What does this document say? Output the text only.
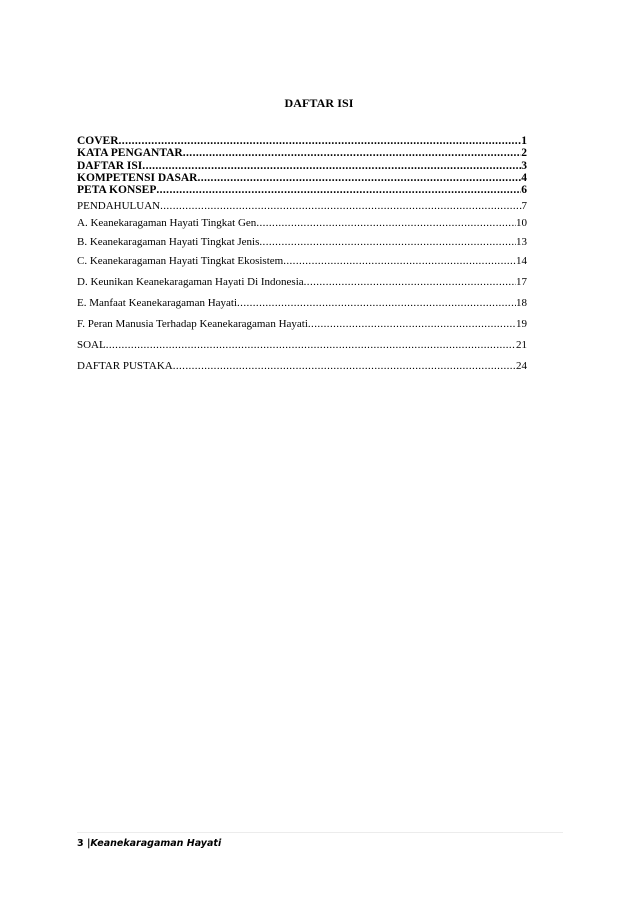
DAFTAR ISI
COVER .....	1
KATA PENGANTAR .....	2
DAFTAR ISI .....	3
KOMPETENSI DASAR .....	4
PETA KONSEP .....	6
PENDAHULUAN .....	7
A. Keanekaragaman Hayati Tingkat Gen .....	10
B. Keanekaragaman Hayati Tingkat Jenis .....	13
C. Keanekaragaman Hayati Tingkat Ekosistem .....	14
D. Keunikan Keanekaragaman Hayati Di Indonesia .....	17
E. Manfaat Keanekaragaman Hayati .....	18
F. Peran Manusia Terhadap Keanekaragaman Hayati .....	19
SOAL .....	21
DAFTAR PUSTAKA .....	24
3 |Keanekaragaman Hayati
